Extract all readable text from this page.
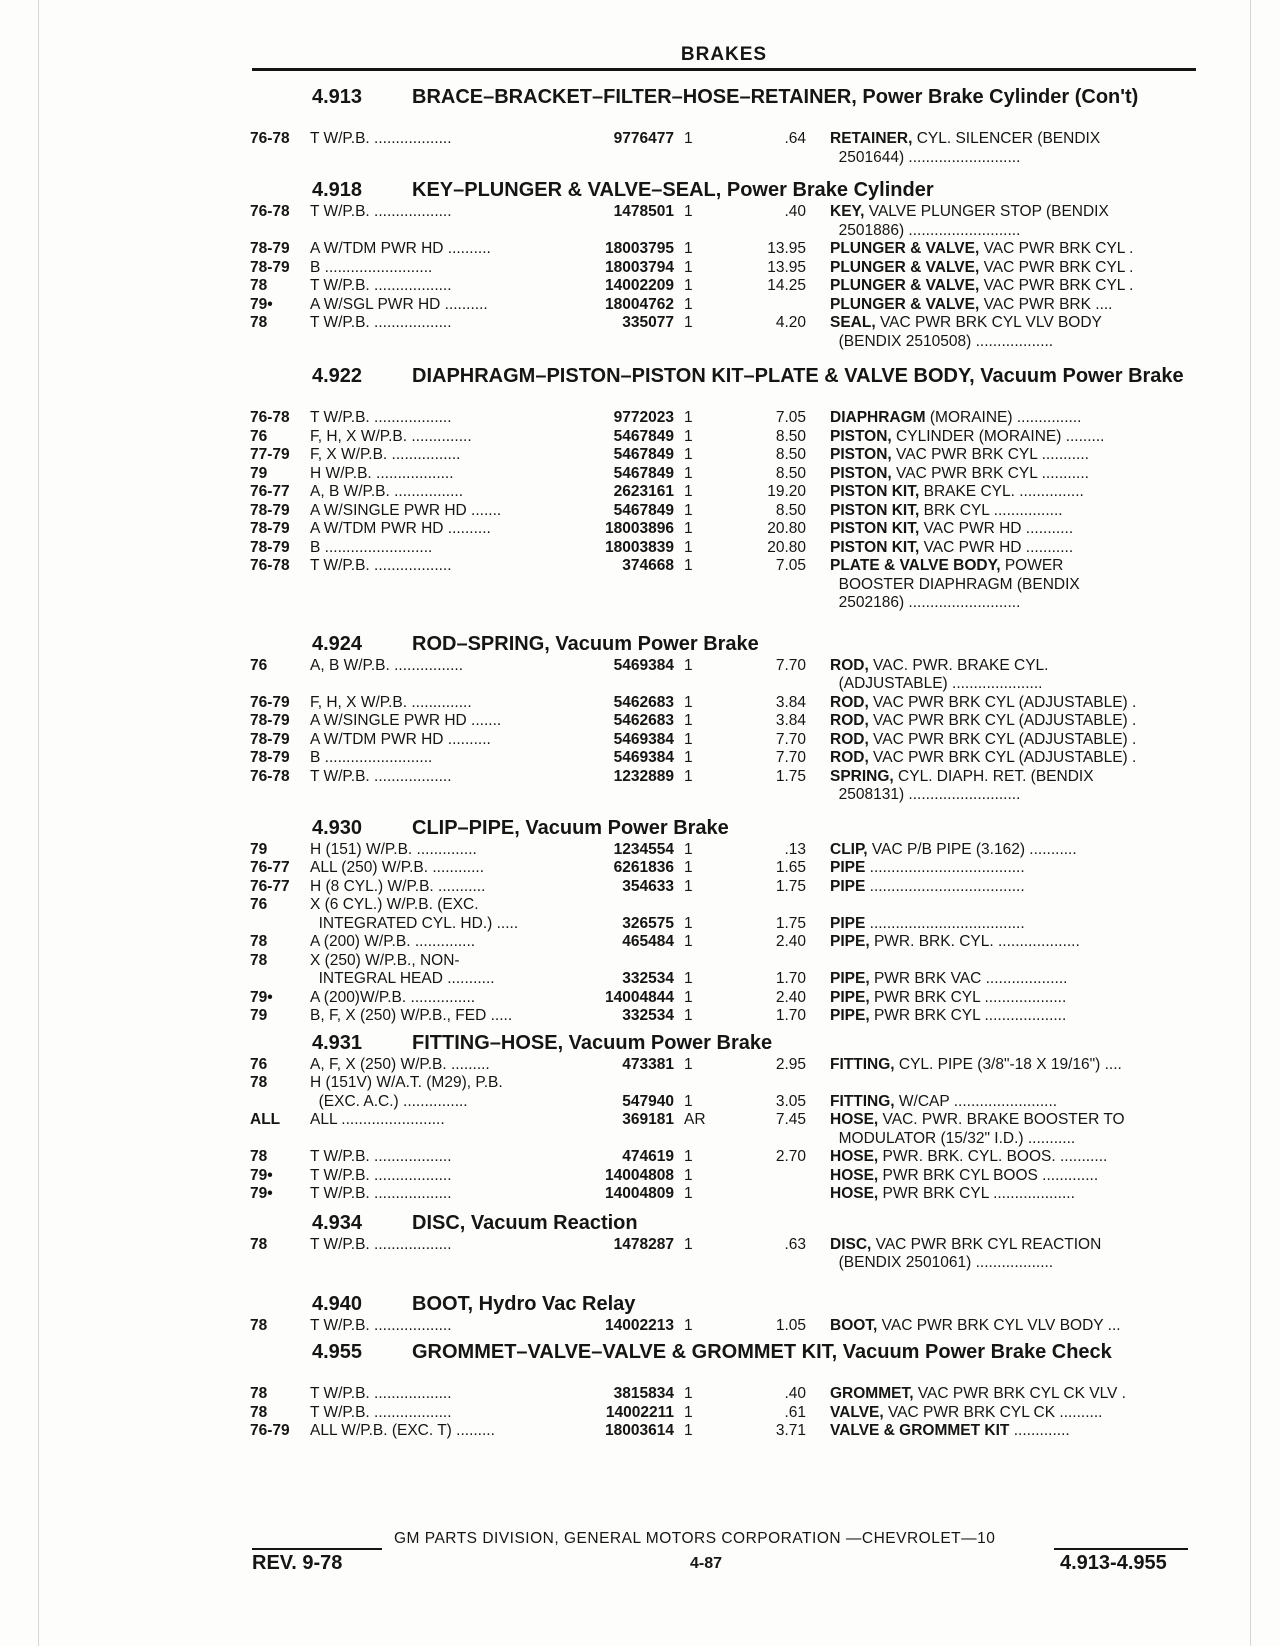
BRAKES
4.913 BRACE–BRACKET–FILTER–HOSE–RETAINER, Power Brake Cylinder (Con't)
76-78	T W/P.B. ..................	9776477 1	.64 RETAINER, CYL. SILENCER (BENDIX
2501644) ..........................
4.918 KEY–PLUNGER & VALVE–SEAL, Power Brake Cylinder
76-78	T W/P.B. ..................	1478501 1	.40 KEY, VALVE PLUNGER STOP (BENDIX
2501886) ..........................
78-79	A W/TDM PWR HD ..........	18003795 1	13.95 PLUNGER & VALVE, VAC PWR BRK CYL .
78-79	B .........................	18003794 1	13.95 PLUNGER & VALVE, VAC PWR BRK CYL .
78	T W/P.B. ..................	14002209 1	14.25 PLUNGER & VALVE, VAC PWR BRK CYL .
79•	A W/SGL PWR HD ..........	18004762 1	PLUNGER & VALVE, VAC PWR BRK ....
78	T W/P.B. ..................	335077 1	4.20 SEAL, VAC PWR BRK CYL VLV BODY
(BENDIX 2510508) ..................
4.922 DIAPHRAGM–PISTON–PISTON KIT–PLATE & VALVE BODY, Vacuum Power Brake
76-78	T W/P.B. ..................	9772023 1	7.05 DIAPHRAGM (MORAINE) ...............
76	F, H, X W/P.B. ..............	5467849 1	8.50 PISTON, CYLINDER (MORAINE) .........
77-79	F, X W/P.B. ................	5467849 1	8.50 PISTON, VAC PWR BRK CYL ...........
79	H W/P.B. ..................	5467849 1	8.50 PISTON, VAC PWR BRK CYL ...........
76-77	A, B W/P.B. ................	2623161 1	19.20 PISTON KIT, BRAKE CYL. ...............
78-79	A W/SINGLE PWR HD .......	5467849 1	8.50 PISTON KIT, BRK CYL ................
78-79	A W/TDM PWR HD ..........	18003896 1	20.80 PISTON KIT, VAC PWR HD ...........
78-79	B .........................	18003839 1	20.80 PISTON KIT, VAC PWR HD ...........
76-78	T W/P.B. ..................	374668 1	7.05 PLATE & VALVE BODY, POWER
BOOSTER DIAPHRAGM (BENDIX
2502186) ..........................
4.924 ROD–SPRING, Vacuum Power Brake
76	A, B W/P.B. ................	5469384 1	7.70 ROD, VAC. PWR. BRAKE CYL.
(ADJUSTABLE) .....................
76-79	F, H, X W/P.B. ..............	5462683 1	3.84 ROD, VAC PWR BRK CYL (ADJUSTABLE) .
78-79	A W/SINGLE PWR HD .......	5462683 1	3.84 ROD, VAC PWR BRK CYL (ADJUSTABLE) .
78-79	A W/TDM PWR HD ..........	5469384 1	7.70 ROD, VAC PWR BRK CYL (ADJUSTABLE) .
78-79	B .........................	5469384 1	7.70 ROD, VAC PWR BRK CYL (ADJUSTABLE) .
76-78	T W/P.B. ..................	1232889 1	1.75 SPRING, CYL. DIAPH. RET. (BENDIX
2508131) ..........................
4.930 CLIP–PIPE, Vacuum Power Brake
79	H (151) W/P.B. ..............	1234554 1	.13 CLIP, VAC P/B PIPE (3.162) ...........
76-77	ALL (250) W/P.B. ............	6261836 1	1.65 PIPE ....................................
76-77	H (8 CYL.) W/P.B. ...........	354633 1	1.75 PIPE ....................................
76	X (6 CYL.) W/P.B. (EXC.
INTEGRATED CYL. HD.) .....	326575 1	1.75 PIPE ....................................
78	A (200) W/P.B. ..............	465484 1	2.40 PIPE, PWR. BRK. CYL. ...................
78	X (250) W/P.B., NON-
INTEGRAL HEAD ...........	332534 1	1.70 PIPE, PWR BRK VAC ...................
79•	A (200)W/P.B. ...............	14004844 1	2.40 PIPE, PWR BRK CYL ...................
79	B, F, X (250) W/P.B., FED .....	332534 1	1.70 PIPE, PWR BRK CYL ...................
4.931 FITTING–HOSE, Vacuum Power Brake
76	A, F, X (250) W/P.B. .........	473381 1	2.95 FITTING, CYL. PIPE (3/8"-18 X 19/16") ....
78	H (151V) W/A.T. (M29), P.B.
(EXC. A.C.) ...............	547940 1	3.05 FITTING, W/CAP ........................
ALL	ALL ........................	369181 AR	7.45 HOSE, VAC. PWR. BRAKE BOOSTER TO
MODULATOR (15/32" I.D.) ...........
78	T W/P.B. ..................	474619 1	2.70 HOSE, PWR. BRK. CYL. BOOS. ...........
79•	T W/P.B. ..................	14004808 1	HOSE, PWR BRK CYL BOOS .............
79•	T W/P.B. ..................	14004809 1	HOSE, PWR BRK CYL ...................
4.934 DISC, Vacuum Reaction
78	T W/P.B. ..................	1478287 1	.63 DISC, VAC PWR BRK CYL REACTION
(BENDIX 2501061) ..................
4.940 BOOT, Hydro Vac Relay
78	T W/P.B. ..................	14002213 1	1.05 BOOT, VAC PWR BRK CYL VLV BODY ...
4.955 GROMMET–VALVE–VALVE & GROMMET KIT, Vacuum Power Brake Check
78	T W/P.B. ..................	3815834 1	.40 GROMMET, VAC PWR BRK CYL CK VLV .
78	T W/P.B. ..................	14002211 1	.61 VALVE, VAC PWR BRK CYL CK ..........
76-79	ALL W/P.B. (EXC. T) .........	18003614 1	3.71 VALVE & GROMMET KIT .............
GM PARTS DIVISION, GENERAL MOTORS CORPORATION —CHEVROLET—10
REV. 9-78	4-87	4.913-4.955
